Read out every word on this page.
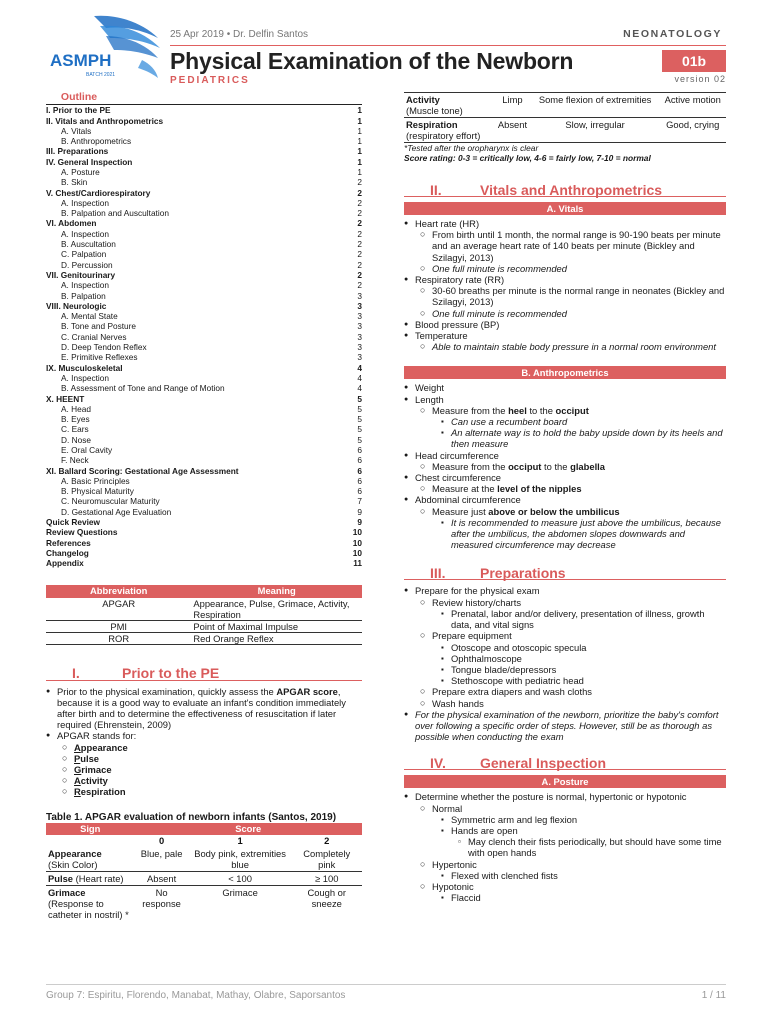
ASMPH
BATCH 2021
25 Apr 2019 • Dr. Delfin Santos
Physical Examination of the Newborn
PEDIATRICS
NEONATOLOGY
01b
version 02
Outline
I. Prior to the PE	1
II. Vitals and Anthropometrics	1
A. Vitals	1
B. Anthropometrics	1
III. Preparations	1
IV. General Inspection	1
A. Posture	1
B. Skin	2
V. Chest/Cardiorespiratory	2
A. Inspection	2
B. Palpation and Auscultation	2
VI. Abdomen	2
A. Inspection	2
B. Auscultation	2
C. Palpation	2
D. Percussion	2
VII. Genitourinary	2
A. Inspection	2
B. Palpation	3
VIII. Neurologic	3
A. Mental State	3
B. Tone and Posture	3
C. Cranial Nerves	3
D. Deep Tendon Reflex	3
E. Primitive Reflexes	3
IX. Musculoskeletal	4
A. Inspection	4
B. Assessment of Tone and Range of Motion	4
X. HEENT	5
A. Head	5
B. Eyes	5
C. Ears	5
D. Nose	5
E. Oral Cavity	6
F. Neck	6
XI. Ballard Scoring: Gestational Age Assessment	6
A. Basic Principles	6
B. Physical Maturity	6
C. Neuromuscular Maturity	7
D. Gestational Age Evaluation	9
Quick Review	9
Review Questions	10
References	10
Changelog	10
Appendix	11
Abbreviation	Meaning
APGAR	Appearance, Pulse, Grimace, Activity, Respiration
PMI	Point of Maximal Impulse
ROR	Red Orange Reflex
I.	Prior to the PE
● Prior to the physical examination, quickly assess the APGAR score, because it is a good way to evaluate an infant's condition immediately after birth and to determine the effectiveness of resuscitation if later required (Ehrenstein, 2009)
● APGAR stands for:
○ Appearance
○ Pulse
○ Grimace
○ Activity
○ Respiration
Table 1. APGAR evaluation of newborn infants (Santos, 2019)
Sign	Score		
	0	1	2
Appearance
(Skin Color)	Blue, pale	Body pink, extremities blue	Completely pink
Pulse (Heart rate)	Absent	< 100	≥ 100
Grimace
(Response to catheter in nostril) *	No response	Grimace	Cough or sneeze
Activity
(Muscle tone)	Limp	Some flexion of extremities	Active motion
Respiration
(respiratory effort)	Absent	Slow, irregular	Good, crying
*Tested after the oropharynx is clear
Score rating: 0-3 = critically low, 4-6 = fairly low, 7-10 = normal
II.	Vitals and Anthropometrics
A. Vitals
● Heart rate (HR)
○ From birth until 1 month, the normal range is 90-190 beats per minute and an average heart rate of 140 beats per minute (Bickley and Szilagyi, 2013)
○ One full minute is recommended
● Respiratory rate (RR)
○ 30-60 breaths per minute is the normal range in neonates (Bickley and Szilagyi, 2013)
○ One full minute is recommended
● Blood pressure (BP)
● Temperature
○ Able to maintain stable body pressure in a normal room environment
B. Anthropometrics
● Weight
● Length
○ Measure from the heel to the occiput
▪ Can use a recumbent board
▪ An alternate way is to hold the baby upside down by its heels and then measure
● Head circumference
○ Measure from the occiput to the glabella
● Chest circumference
○ Measure at the level of the nipples
● Abdominal circumference
○ Measure just above or below the umbilicus
▪ It is recommended to measure just above the umbilicus, because after the umbilicus, the abdomen slopes downwards and measured circumference may decrease
III.	Preparations
● Prepare for the physical exam
○ Review history/charts
▪ Prenatal, labor and/or delivery, presentation of illness, growth data, and vital signs
○ Prepare equipment
▪ Otoscope and otoscopic specula
▪ Ophthalmoscope
▪ Tongue blade/depressors
▪ Stethoscope with pediatric head
○ Prepare extra diapers and wash cloths
○ Wash hands
● For the physical examination of the newborn, prioritize the baby's comfort over following a specific order of steps. However, still be as thorough as possible when conducting the exam
IV.	General Inspection
A. Posture
● Determine whether the posture is normal, hypertonic or hypotonic
○ Normal
▪ Symmetric arm and leg flexion
▪ Hands are open
▫ May clench their fists periodically, but should have some time with open hands
○ Hypertonic
▪ Flexed with clenched fists
○ Hypotonic
▪ Flaccid
Group 7: Espiritu, Florendo, Manabat, Mathay, Olabre, Saporsantos	1 / 11
